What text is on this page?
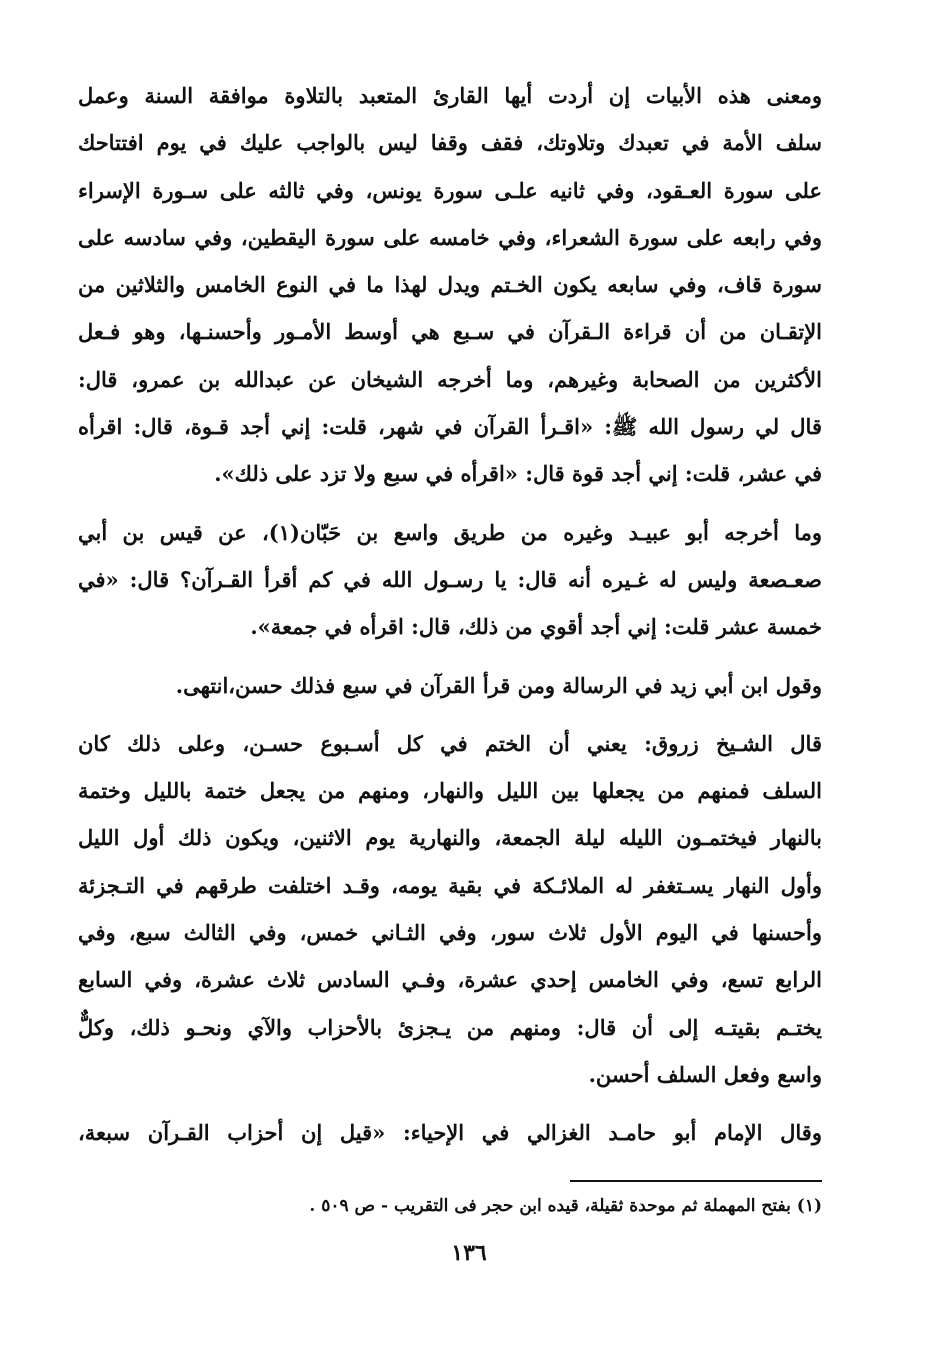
ومعنى هذه الأبيات إن أردت أيها القارئ المتعبد بالتلاوة موافقة السنة وعمل
سلف الأمة في تعبدك وتلاوتك، فقف وقفا ليس بالواجب عليك في يوم افتتاحك
على سورة العـقود، وفي ثانيه علـى سورة يونس، وفي ثالثه على سـورة الإسراء
وفي رابعه على سورة الشعراء، وفي خامسه على سورة اليقطين، وفي سادسه على
سورة قاف، وفي سابعه يكون الخـتم ويدل لهذا ما في النوع الخامس والثلاثين من
الإتقـان من أن قراءة الـقرآن في سـبع هي أوسط الأمـور وأحسنـها، وهو فـعل
الأكثرين من الصحابة وغيرهم، وما أخرجه الشيخان عن عبدالله بن عمرو، قال:
قال لي رسول الله ﷺ: «اقـرأ القرآن في شهر، قلت: إني أجد قـوة، قال: اقرأه
في عشر، قلت: إني أجد قوة قال: «اقرأه في سبع ولا تزد على ذلك».
وما أخرجه أبو عبيـد وغيره من طريق واسع بن حَبّان(١)، عن قيس بن أبي
صعـصعة وليس له غـيره أنه قال: يا رسـول الله في كم أقرأ القـرآن؟ قال: «في
خمسة عشر قلت: إني أجد أقوي من ذلك، قال: اقرأه في جمعة».
وقول ابن أبي زيد في الرسالة ومن قرأ القرآن في سبع فذلك حسن،انتهى.
قال الشـيخ زروق: يعني أن الختم في كل أسـبوع حسـن، وعلى ذلك كان
السلف فمنهم من يجعلها بين الليل والنهار، ومنهم من يجعل ختمة بالليل وختمة
بالنهار فيختمـون الليله ليلة الجمعة، والنهارية يوم الاثنين، ويكون ذلك أول الليل
وأول النهار يسـتغفر له الملائـكة في بقية يومه، وقـد اختلفت طرقهم في التـجزئة
وأحسنها في اليوم الأول ثلاث سور، وفي الثـاني خمس، وفي الثالث سبع، وفي
الرابع تسع، وفي الخامس إحدي عشرة، وفـي السادس ثلاث عشرة، وفي السابع
يختـم بقيتـه إلى أن قال: ومنهم من يـجزئ بالأحزاب والآي ونحـو ذلك، وكلٌّ
واسع وفعل السلف أحسن.
وقال الإمام أبو حامـد الغزالي في الإحياء: «قيل إن أحزاب القـرآن سبعة،
(١) بفتح المهملة ثم موحدة ثقيلة، قيده ابن حجر فى التقريب - ص ٥٠٩ .
١٣٦
